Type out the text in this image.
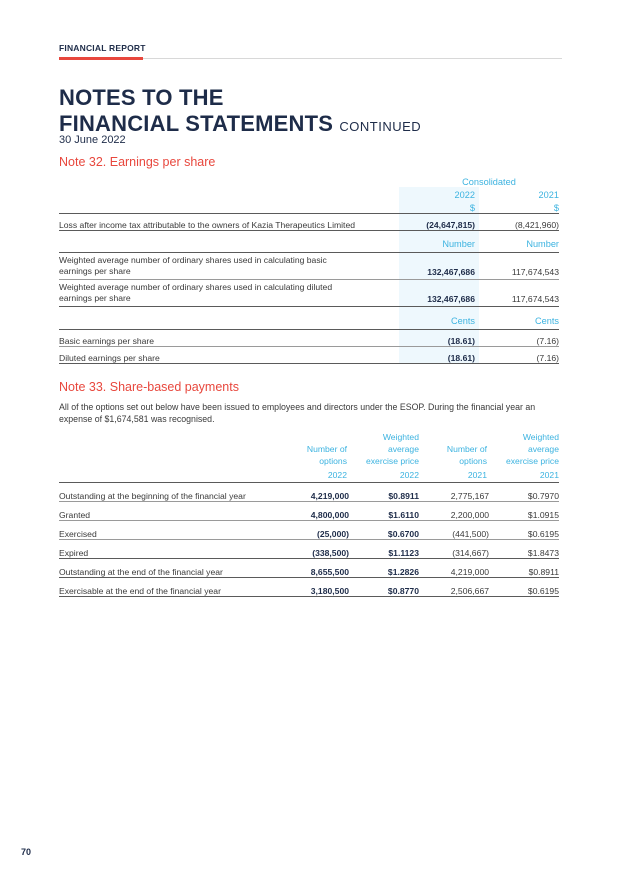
FINANCIAL REPORT
NOTES TO THE
FINANCIAL STATEMENTS CONTINUED
30 June 2022
Note 32. Earnings per share
	Consolidated	
	2022	2021
	$	$
Loss after income tax attributable to the owners of Kazia Therapeutics Limited	(24,647,815)	(8,421,960)
	Number	Number
Weighted average number of ordinary shares used in calculating basic
earnings per share	132,467,686	117,674,543
Weighted average number of ordinary shares used in calculating diluted
earnings per share	132,467,686	117,674,543
	Cents	Cents
Basic earnings per share	(18.61)	(7.16)
Diluted earnings per share	(18.61)	(7.16)
Note 33. Share-based payments
All of the options set out below have been issued to employees and directors under the ESOP. During the financial year an expense of $1,674,581 was recognised.
		Weighted		Weighted
	Number of	average	Number of	average
	options	exercise price	options	exercise price
	2022	2022	2021	2021
Outstanding at the beginning of the financial year	4,219,000	$0.8911	2,775,167	$0.7970
Granted	4,800,000	$1.6110	2,200,000	$1.0915
Exercised	(25,000)	$0.6700	(441,500)	$0.6195
Expired	(338,500)	$1.1123	(314,667)	$1.8473
Outstanding at the end of the financial year	8,655,500	$1.2826	4,219,000	$0.8911
Exercisable at the end of the financial year	3,180,500	$0.8770	2,506,667	$0.6195
70
